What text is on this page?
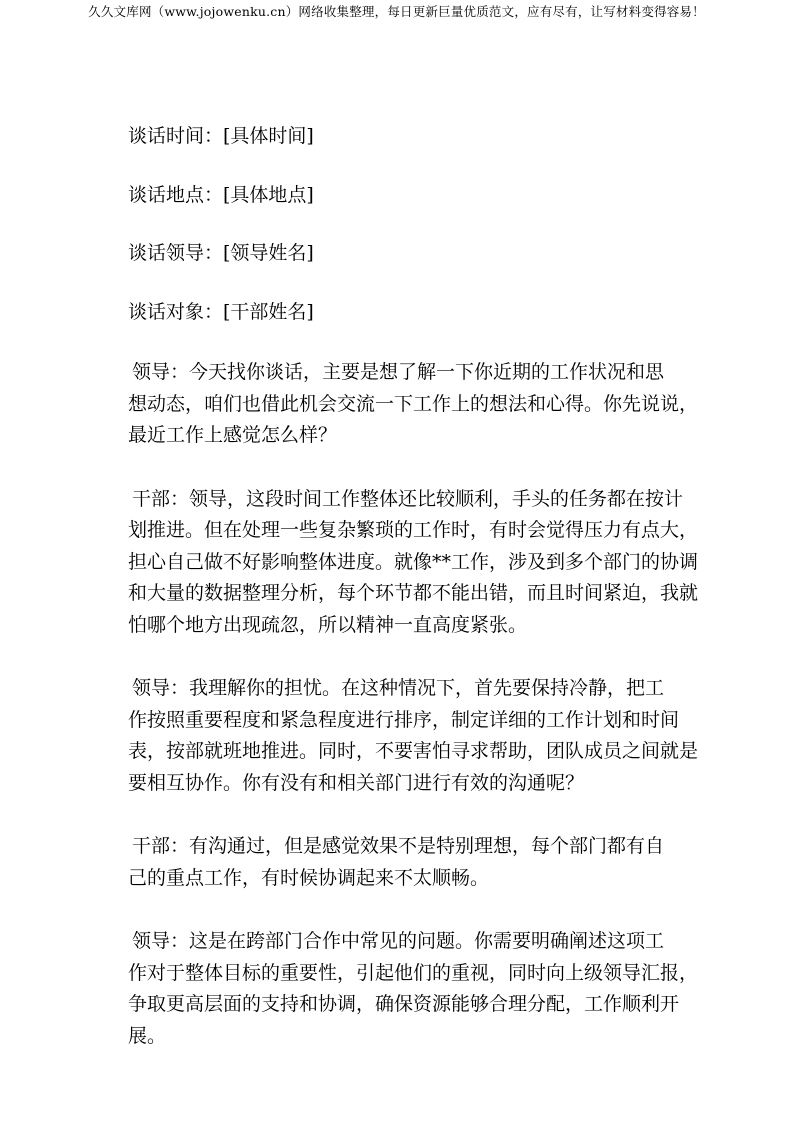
久久文库网（www.jojowenku.cn）网络收集整理，每日更新巨量优质范文，应有尽有，让写材料变得容易！
谈话时间：[具体时间]
谈话地点：[具体地点]
谈话领导：[领导姓名]
谈话对象：[干部姓名]
领导：今天找你谈话，主要是想了解一下你近期的工作状况和思
想动态，咱们也借此机会交流一下工作上的想法和心得。你先说说，
最近工作上感觉怎么样？
干部：领导，这段时间工作整体还比较顺利，手头的任务都在按计
划推进。但在处理一些复杂繁琐的工作时，有时会觉得压力有点大，
担心自己做不好影响整体进度。就像**工作，涉及到多个部门的协调
和大量的数据整理分析，每个环节都不能出错，而且时间紧迫，我就
怕哪个地方出现疏忽，所以精神一直高度紧张。
领导：我理解你的担忧。在这种情况下，首先要保持冷静，把工
作按照重要程度和紧急程度进行排序，制定详细的工作计划和时间
表，按部就班地推进。同时，不要害怕寻求帮助，团队成员之间就是
要相互协作。你有没有和相关部门进行有效的沟通呢？
干部：有沟通过，但是感觉效果不是特别理想，每个部门都有自
己的重点工作，有时候协调起来不太顺畅。
领导：这是在跨部门合作中常见的问题。你需要明确阐述这项工
作对于整体目标的重要性，引起他们的重视，同时向上级领导汇报，
争取更高层面的支持和协调，确保资源能够合理分配，工作顺利开
展。
